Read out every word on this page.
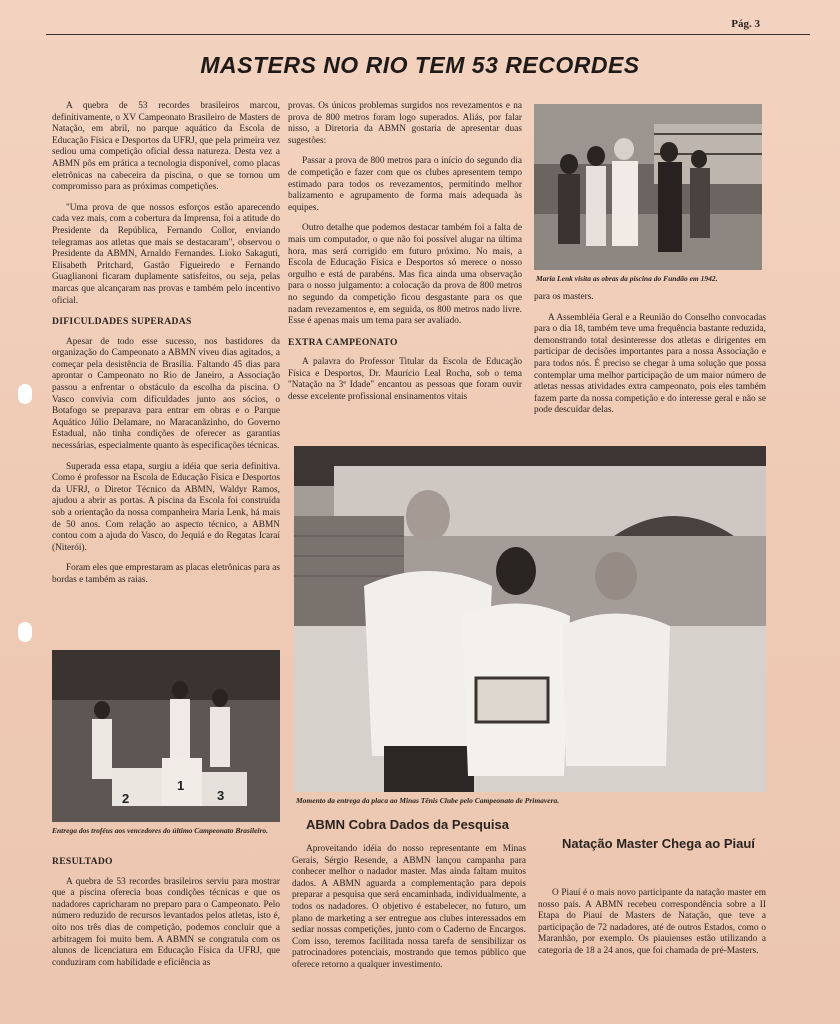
Pág. 3
MASTERS NO RIO TEM 53 RECORDES

A quebra de 53 recordes brasileiros marcou, definitivamente, o XV Campeonato Brasileiro de Masters de Natação, em abril, no parque aquático da Escola de Educação Física e Desportos da UFRJ, que pela primeira vez sediou uma competição oficial dessa natureza. Desta vez a ABMN pôs em prática a tecnologia disponível, como placas eletrônicas na cabeceira da piscina, o que se tornou um compromisso para as próximas competições.

"Uma prova de que nossos esforços estão aparecendo cada vez mais, com a cobertura da Imprensa, foi a atitude do Presidente da República, Fernando Collor, enviando telegramas aos atletas que mais se destacaram", observou o Presidente da ABMN, Arnaldo Fernandes. Lioko Sakaguti, Elisabeth Pritchard, Gastão Figueiredo e Fernando Guaglianoni ficaram duplamente satisfeitos, ou seja, pelas marcas que alcançaram nas provas e também pelo incentivo oficial.

DIFICULDADES SUPERADAS

Apesar de todo esse sucesso, nos bastidores da organização do Campeonato a ABMN viveu dias agitados, a começar pela desistência de Brasília. Faltando 45 dias para aprontar o Campeonato no Rio de Janeiro, a Associação passou a enfrentar o obstáculo da escolha da piscina. O Vasco convivia com dificuldades junto aos sócios, o Botafogo se preparava para entrar em obras e o Parque Aquático Júlio Delamare, no Maracanãzinho, do Governo Estadual, não tinha condições de oferecer as garantias necessárias, especialmente quanto às especificações técnicas.

Superada essa etapa, surgiu a idéia que seria definitiva. Como é professor na Escola de Educação Física e Desportos da UFRJ, o Diretor Técnico da ABMN, Waldyr Ramos, ajudou a abrir as portas. A piscina da Escola foi construída sob a orientação da nossa companheira Maria Lenk, há mais de 50 anos. Com relação ao aspecto técnico, a ABMN contou com a ajuda do Vasco, do Jequiá e do Regatas Icaraí (Niterói).

Foram eles que emprestaram as placas eletrônicas para as bordas e também as raias.

provas. Os únicos problemas surgidos nos revezamentos e na prova de 800 metros foram logo superados. Aliás, por falar nisso, a Diretoria da ABMN gostaria de apresentar duas sugestões:

Passar a prova de 800 metros para o início do segundo dia de competição e fazer com que os clubes apresentem tempo estimado para todos os revezamentos, permitindo melhor balizamento e agrupamento de forma mais adequada às equipes.

Outro detalhe que podemos destacar também foi a falta de mais um computador, o que não foi possível alugar na última hora, mas será corrigido em futuro próximo. No mais, a Escola de Educação Física e Desportos só merece o nosso orgulho e está de parabéns. Mas fica ainda uma observação para o nosso julgamento: a colocação da prova de 800 metros no segundo da competição ficou desgastante para os que nadam revezamentos e, em seguida, os 800 metros nado livre. Esse é apenas mais um tema para ser avaliado.

EXTRA CAMPEONATO

A palavra do Professor Titular da Escola de Educação Física e Desportos, Dr. Maurício Leal Rocha, sob o tema "Natação na 3ª Idade" encantou as pessoas que foram ouvir desse excelente profissional ensinamentos vitais

Maria Lenk visita as obras da piscina do Fundão em 1942.

para os masters.

A Assembléia Geral e a Reunião do Conselho convocadas para o dia 18, também teve uma frequência bastante reduzida, demonstrando total desinteresse dos atletas e dirigentes em participar de decisões importantes para a nossa Associação e para todos nós. É preciso se chegar à uma solução que possa contemplar uma melhor participação de um maior número de atletas nessas atividades extra campeonato, pois eles também fazem parte da nossa competição e do interesse geral e não se pode descuidar delas.

Momento da entrega da placa ao Minas Tênis Clube pelo Campeonato de Primavera.
2
1
3
Entrega dos troféus aos vencedores do último Campeonato Brasileiro.

RESULTADO

A quebra de 53 recordes brasileiros serviu para mostrar que a piscina oferecia boas condições técnicas e que os nadadores capricharam no preparo para o Campeonato. Pelo número reduzido de recursos levantados pelos atletas, isto é, oito nos três dias de competição, podemos concluir que a arbitragem foi muito bem. A ABMN se congratula com os alunos de licenciatura em Educação Física da UFRJ, que conduziram com habilidade e eficiência as

ABMN Cobra Dados da Pesquisa

Aproveitando idéia do nosso representante em Minas Gerais, Sérgio Resende, a ABMN lançou campanha para conhecer melhor o nadador master. Mas ainda faltam muitos dados. A ABMN aguarda a complementação para depois preparar a pesquisa que será encaminhada, individualmente, a todos os nadadores. O objetivo é estabelecer, no futuro, um plano de marketing a ser entregue aos clubes interessados em sediar nossas competições, junto com o Caderno de Encargos. Com isso, teremos facilitada nossa tarefa de sensibilizar os patrocinadores potenciais, mostrando que temos público que oferece retorno a qualquer investimento.

Natação Master Chega ao Piauí

O Piauí é o mais novo participante da natação master em nosso país. A ABMN recebeu correspondência sobre a II Etapa do Piauí de Masters de Natação, que teve a participação de 72 nadadores, até de outros Estados, como o Maranhão, por exemplo. Os piauienses estão utilizando a categoria de 18 a 24 anos, que foi chamada de pré-Masters.
